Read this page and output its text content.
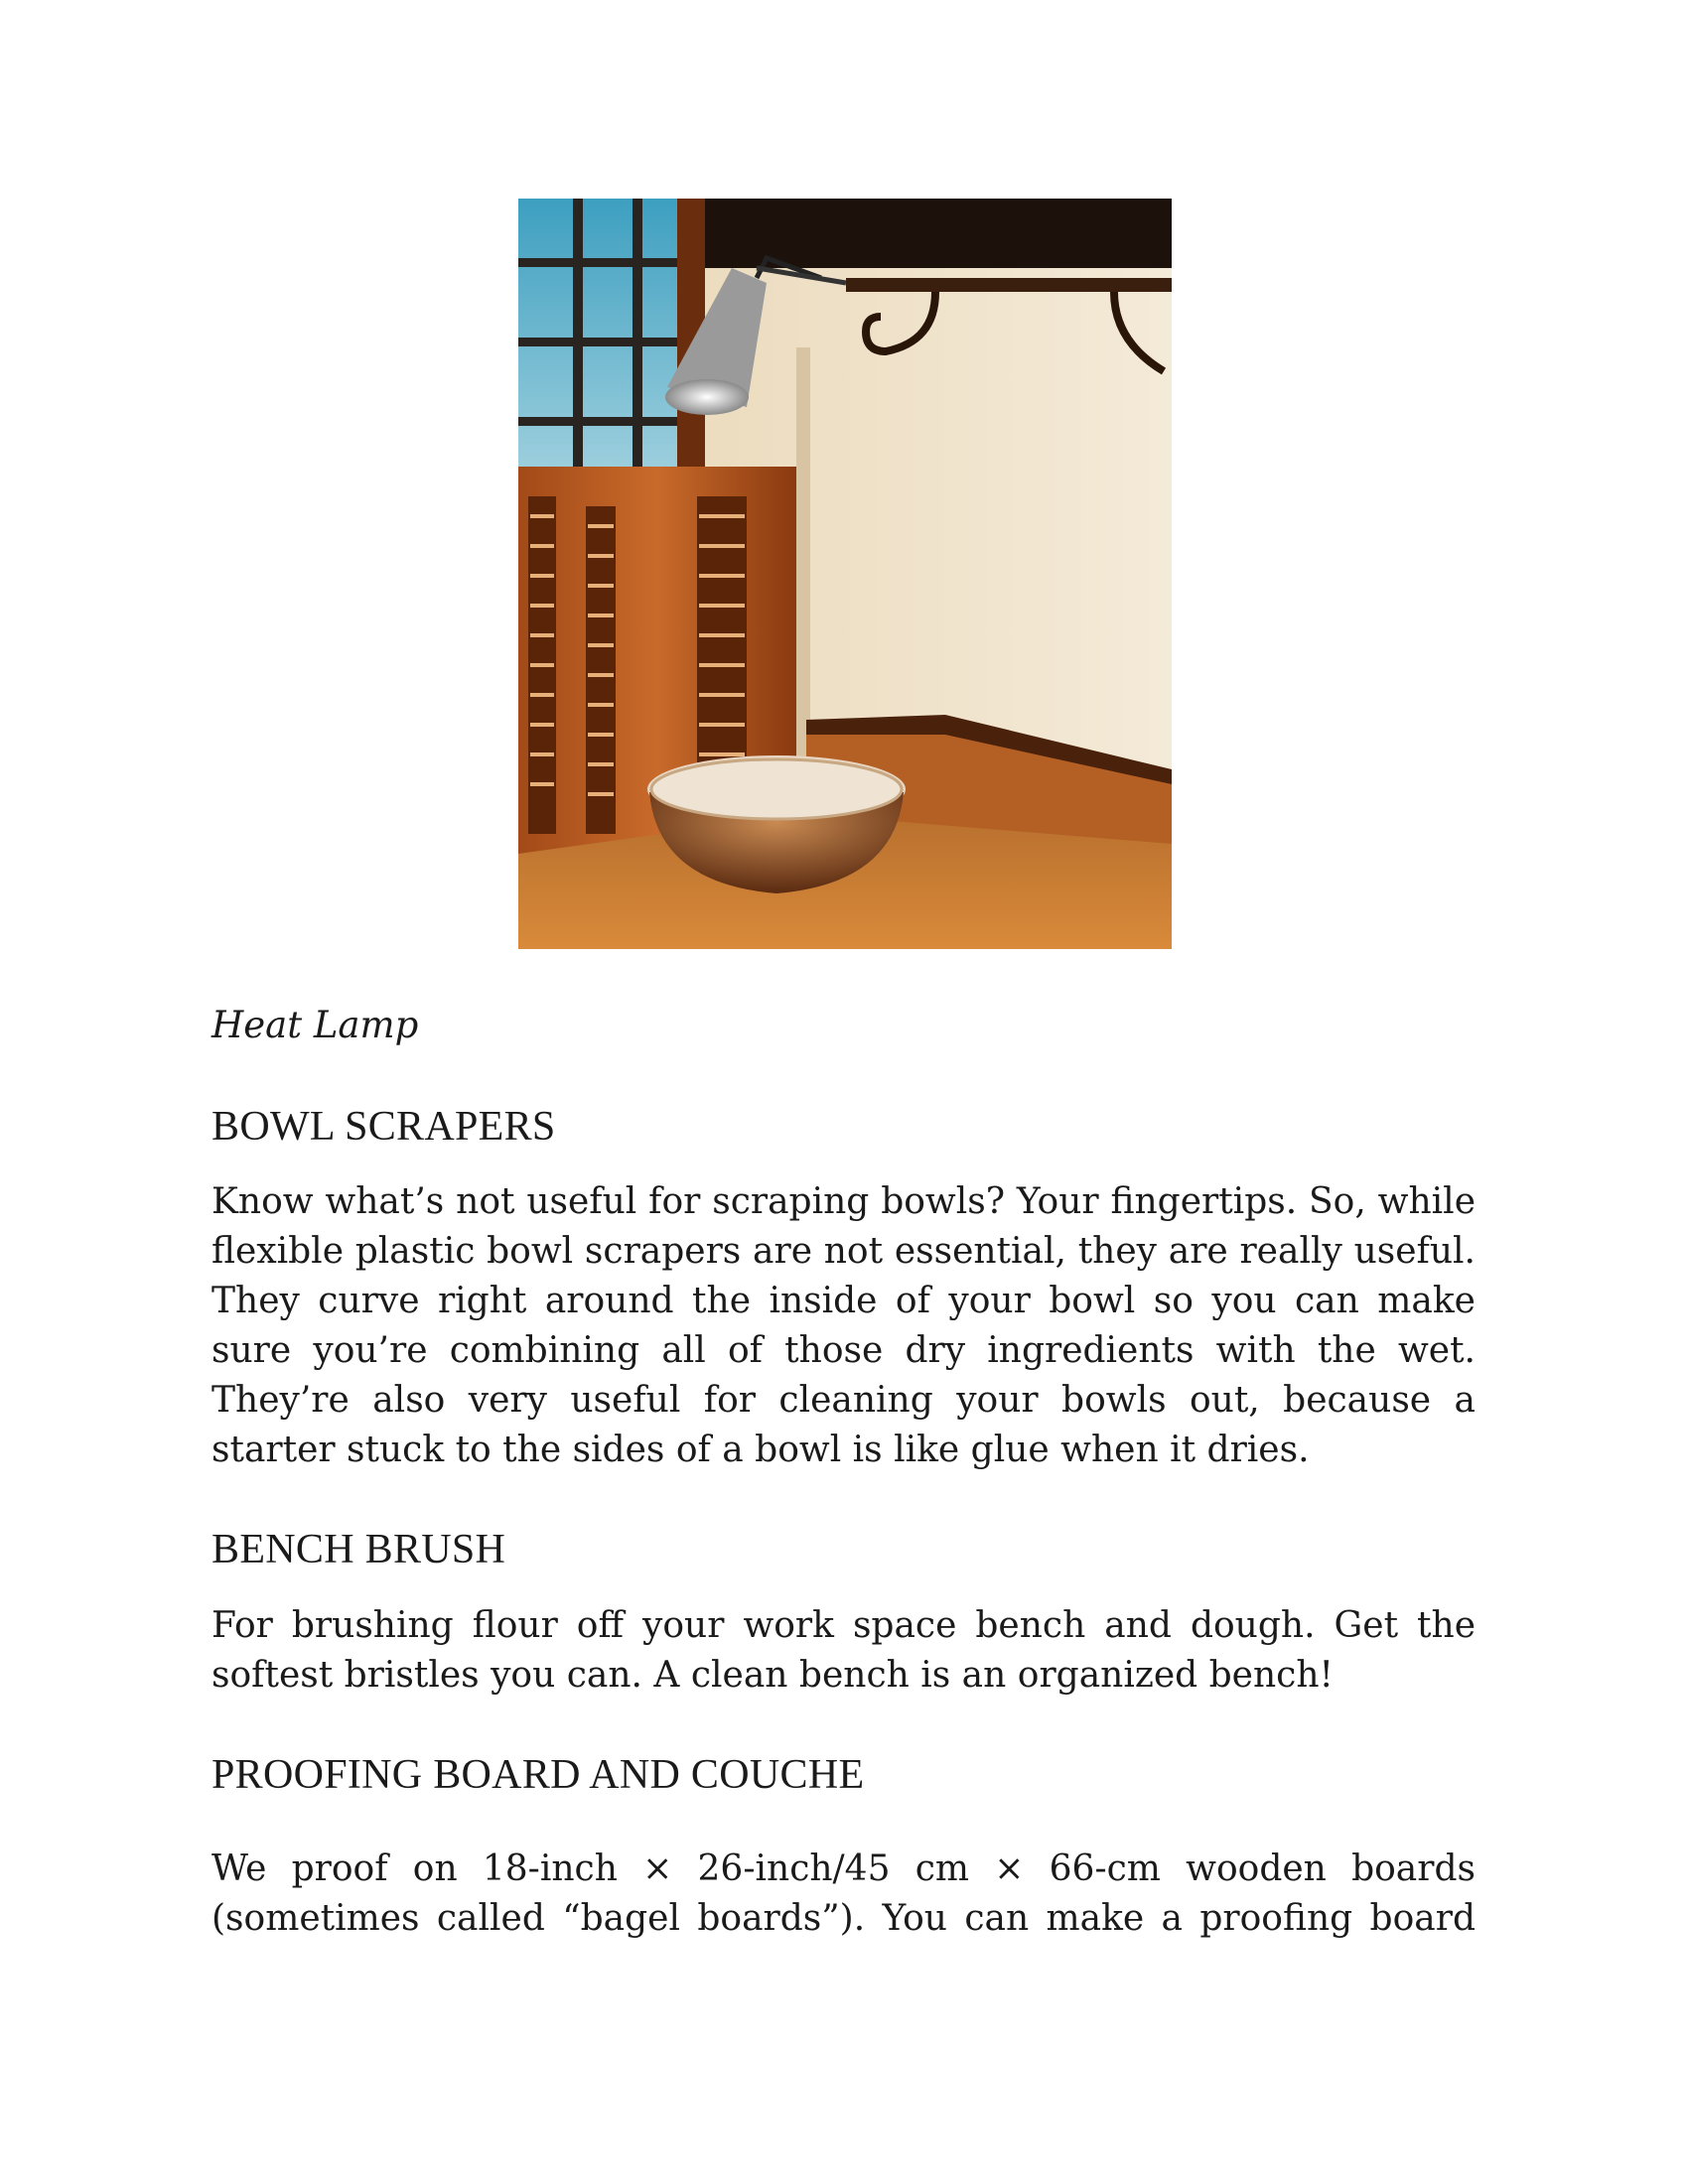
Heat Lamp

BOWL SCRAPERS

Know what’s not useful for scraping bowls? Your fingertips. So, while flexible plastic bowl scrapers are not essential, they are really useful. They curve right around the inside of your bowl so you can make sure you’re combining all of those dry ingredients with the wet. They’re also very useful for cleaning your bowls out, because a starter stuck to the sides of a bowl is like glue when it dries.

BENCH BRUSH

For brushing flour off your work space bench and dough. Get the softest bristles you can. A clean bench is an organized bench!

PROOFING BOARD AND COUCHE

We proof on 18-inch × 26-inch/45 cm × 66-cm wooden boards (sometimes called “bagel boards”). You can make a proofing board
